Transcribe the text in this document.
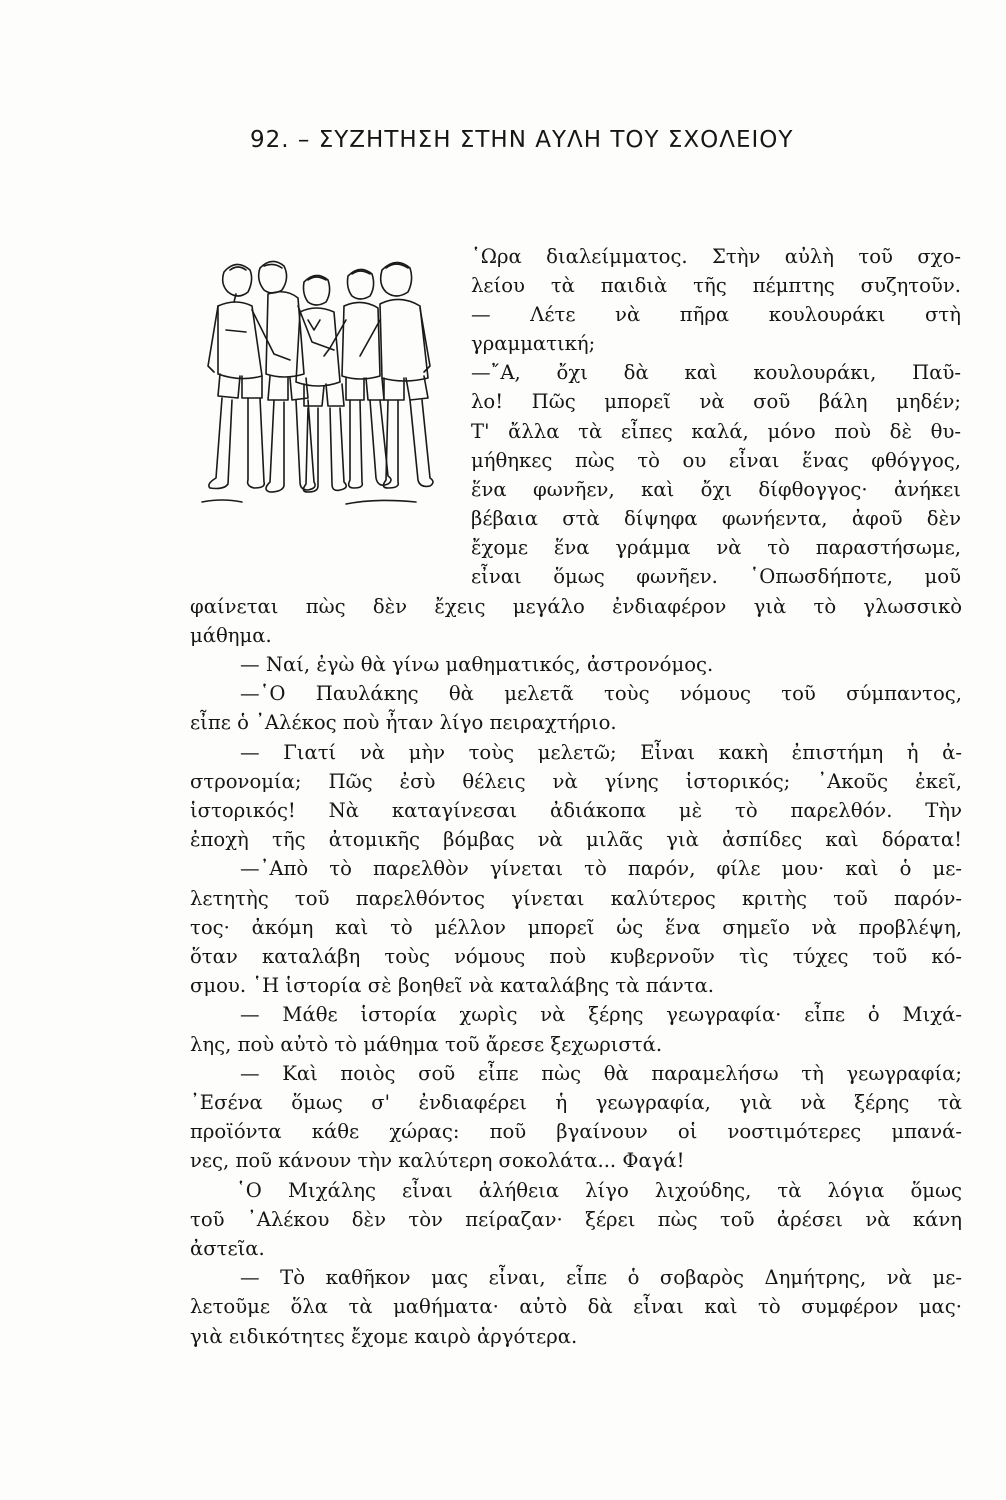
92. – ΣΥΖΗΤΗΣΗ ΣΤΗΝ ΑΥΛΗ ΤΟΥ ΣΧΟΛΕΙΟΥ
῾Ωρα διαλείμματος. Στὴν αὐλὴ τοῦ σχο-
λείου τὰ παιδιὰ τῆς πέμπτης συζητοῦν.
— Λέτε νὰ πῆρα κουλουράκι στὴ
γραμματική;
—῎Α, ὄχι δὰ καὶ κουλουράκι, Παῦ-
λο! Πῶς μπορεῖ νὰ σοῦ βάλη μηδέν;
Τ' ἄλλα τὰ εἶπες καλά, μόνο ποὺ δὲ θυ-
μήθηκες πὼς τὸ ου εἶναι ἕνας φθόγγος,
ἕνα φωνῆεν, καὶ ὄχι δίφθογγος· ἀνήκει
βέβαια στὰ δίψηφα φωνήεντα, ἀφοῦ δὲν
ἔχομε ἕνα γράμμα νὰ τὸ παραστήσωμε,
εἶναι ὅμως φωνῆεν. ῾Οπωσδήποτε, μοῦ
φαίνεται πὼς δὲν ἔχεις μεγάλο ἐνδιαφέρον γιὰ τὸ γλωσσικὸ
μάθημα.
— Ναί, ἐγὼ θὰ γίνω μαθηματικός, ἀστρονόμος.
—῾Ο Παυλάκης θὰ μελετᾶ τοὺς νόμους τοῦ σύμπαντος,
εἶπε ὁ ᾿Αλέκος ποὺ ἦταν λίγο πειραχτήριο.
— Γιατί νὰ μὴν τοὺς μελετῶ; Εἶναι κακὴ ἐπιστήμη ἡ ἀ-
στρονομία; Πῶς ἐσὺ θέλεις νὰ γίνης ἱστορικός; ᾿Ακοῦς ἐκεῖ,
ἱστορικός! Νὰ καταγίνεσαι ἀδιάκοπα μὲ τὸ παρελθόν. Τὴν
ἐποχὴ τῆς ἀτομικῆς βόμβας νὰ μιλᾶς γιὰ ἀσπίδες καὶ δόρατα!
—᾿Απὸ τὸ παρελθὸν γίνεται τὸ παρόν, φίλε μου· καὶ ὁ με-
λετητὴς τοῦ παρελθόντος γίνεται καλύτερος κριτὴς τοῦ παρόν-
τος· ἀκόμη καὶ τὸ μέλλον μπορεῖ ὡς ἕνα σημεῖο νὰ προβλέψη,
ὅταν καταλάβη τοὺς νόμους ποὺ κυβερνοῦν τὶς τύχες τοῦ κό-
σμου. ῾Η ἱστορία σὲ βοηθεῖ νὰ καταλάβης τὰ πάντα.
— Μάθε ἱστορία χωρὶς νὰ ξέρης γεωγραφία· εἶπε ὁ Μιχά-
λης, ποὺ αὐτὸ τὸ μάθημα τοῦ ἄρεσε ξεχωριστά.
— Καὶ ποιὸς σοῦ εἶπε πὼς θὰ παραμελήσω τὴ γεωγραφία;
᾿Εσένα ὅμως σ' ἐνδιαφέρει ἡ γεωγραφία, γιὰ νὰ ξέρης τὰ
προϊόντα κάθε χώρας: ποῦ βγαίνουν οἱ νοστιμότερες μπανά-
νες, ποῦ κάνουν τὴν καλύτερη σοκολάτα... Φαγά!
῾Ο Μιχάλης εἶναι ἀλήθεια λίγο λιχούδης, τὰ λόγια ὅμως
τοῦ ᾿Αλέκου δὲν τὸν πείραζαν· ξέρει πὼς τοῦ ἀρέσει νὰ κάνη
ἀστεῖα.
— Τὸ καθῆκον μας εἶναι, εἶπε ὁ σοβαρὸς Δημήτρης, νὰ με-
λετοῦμε ὅλα τὰ μαθήματα· αὐτὸ δὰ εἶναι καὶ τὸ συμφέρον μας·
γιὰ ειδικότητες ἔχομε καιρὸ ἀργότερα.
